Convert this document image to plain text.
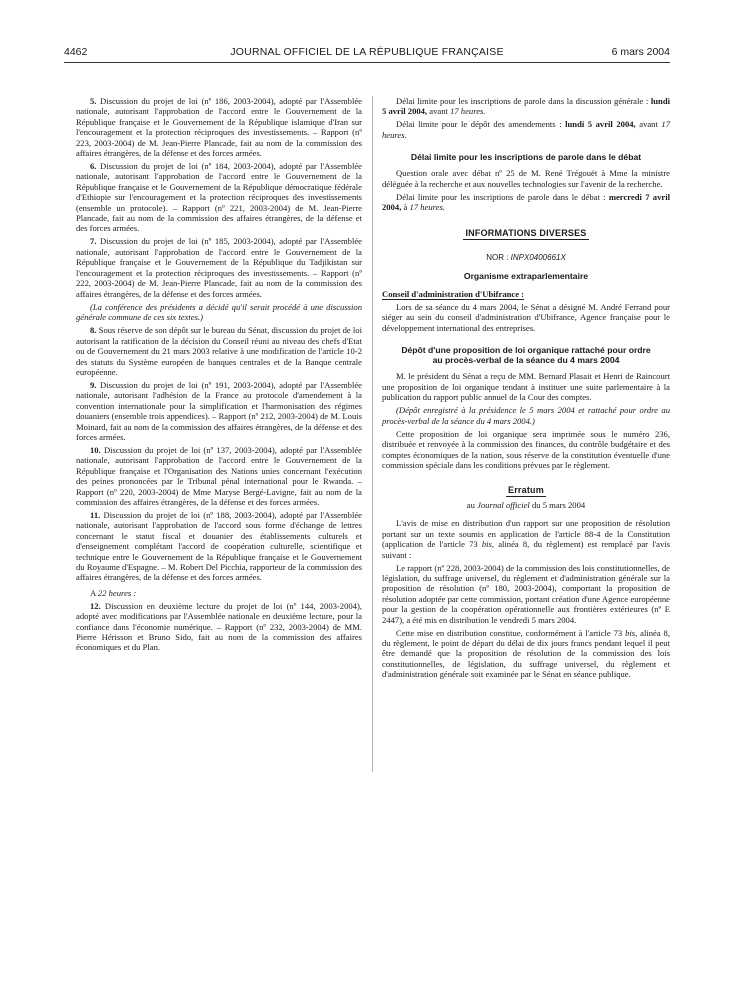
4462	JOURNAL OFFICIEL DE LA RÉPUBLIQUE FRANÇAISE	6 mars 2004

5. Discussion du projet de loi (nº 186, 2003-2004), adopté par l'Assemblée nationale, autorisant l'approbation de l'accord entre le Gouvernement de la République française et le Gouvernement de la République islamique d'Iran sur l'encouragement et la protection réciproques des investissements. – Rapport (nº 223, 2003-2004) de M. Jean-Pierre Plancade, fait au nom de la commission des affaires étrangères, de la défense et des forces armées.

6. Discussion du projet de loi (nº 184, 2003-2004), adopté par l'Assemblée nationale, autorisant l'approbation de l'accord entre le Gouvernement de la République française et le Gouvernement de la République démocratique fédérale d'Ethiopie sur l'encouragement et la protection réciproques des investissements (ensemble un protocole). – Rapport (nº 221, 2003-2004) de M. Jean-Pierre Plancade, fait au nom de la commission des affaires étrangères, de la défense et des forces armées.

7. Discussion du projet de loi (nº 185, 2003-2004), adopté par l'Assemblée nationale, autorisant l'approbation de l'accord entre le Gouvernement de la République française et le Gouvernement de la République du Tadjikistan sur l'encouragement et la protection réciproques des investissements. – Rapport (nº 222, 2003-2004) de M. Jean-Pierre Plancade, fait au nom de la commission des affaires étrangères, de la défense et des forces armées.

(La conférence des présidents a décidé qu'il serait procédé à une discussion générale commune de ces six textes.)

8. Sous réserve de son dépôt sur le bureau du Sénat, discussion du projet de loi autorisant la ratification de la décision du Conseil réuni au niveau des chefs d'Etat ou de Gouvernement du 21 mars 2003 relative à une modification de l'article 10-2 des statuts du Système européen de banques centrales et de la Banque centrale européenne.

9. Discussion du projet de loi (nº 191, 2003-2004), adopté par l'Assemblée nationale, autorisant l'adhésion de la France au protocole d'amendement à la convention internationale pour la simplification et l'harmonisation des régimes douaniers (ensemble trois appendices). – Rapport (nº 212, 2003-2004) de M. Louis Moinard, fait au nom de la commission des affaires étrangères, de la défense et des forces armées.

10. Discussion du projet de loi (nº 137, 2003-2004), adopté par l'Assemblée nationale, autorisant l'approbation de l'accord entre le Gouvernement de la République française et l'Organisation des Nations unies concernant l'exécution des peines prononcées par le Tribunal pénal international pour le Rwanda. – Rapport (nº 220, 2003-2004) de Mme Maryse Bergé-Lavigne, fait au nom de la commission des affaires étrangères, de la défense et des forces armées.

11. Discussion du projet de loi (nº 188, 2003-2004), adopté par l'Assemblée nationale, autorisant l'approbation de l'accord sous forme d'échange de lettres concernant le statut fiscal et douanier des établissements culturels et d'enseignement complétant l'accord de coopération culturelle, scientifique et technique entre le Gouvernement de la République française et le Gouvernement du Royaume d'Espagne. – M. Robert Del Picchia, rapporteur de la commission des affaires étrangères, de la défense et des forces armées.

A 22 heures :

12. Discussion en deuxième lecture du projet de loi (nº 144, 2003-2004), adopté avec modifications par l'Assemblée nationale en deuxième lecture, pour la confiance dans l'économie numérique. – Rapport (nº 232, 2003-2004) de MM. Pierre Hérisson et Bruno Sido, fait au nom de la commission des affaires économiques et du Plan.

Délai limite pour les inscriptions de parole dans la discussion générale : lundi 5 avril 2004, avant 17 heures.

Délai limite pour le dépôt des amendements : lundi 5 avril 2004, avant 17 heures.

Délai limite pour les inscriptions de parole dans le débat

Question orale avec débat nº 25 de M. René Trégouët à Mme la ministre déléguée à la recherche et aux nouvelles technologies sur l'avenir de la recherche.

Délai limite pour les inscriptions de parole dans le débat : mercredi 7 avril 2004, à 17 heures.

INFORMATIONS DIVERSES
NOR : INPX0400661X
Organisme extraparlementaire
Conseil d'administration d'Ubifrance :

Lors de sa séance du 4 mars 2004, le Sénat a désigné M. André Ferrand pour siéger au sein du conseil d'administration d'Ubifrance, Agence française pour le développement international des entreprises.

Dépôt d'une proposition de loi organique rattaché pour ordre au procès-verbal de la séance du 4 mars 2004

M. le président du Sénat a reçu de MM. Bernard Plasait et Henri de Raincourt une proposition de loi organique tendant à instituer une suite parlementaire à la publication du rapport public annuel de la Cour des comptes.

(Dépôt enregistré à la présidence le 5 mars 2004 et rattaché pour ordre au procès-verbal de la séance du 4 mars 2004.)

Cette proposition de loi organique sera imprimée sous le numéro 236, distribuée et renvoyée à la commission des finances, du contrôle budgétaire et des comptes économiques de la nation, sous réserve de la constitution éventuelle d'une commission spéciale dans les conditions prévues par le règlement.

Erratum
au Journal officiel du 5 mars 2004

L'avis de mise en distribution d'un rapport sur une proposition de résolution portant sur un texte soumis en application de l'article 88-4 de la Constitution (application de l'article 73 bis, alinéa 8, du règlement) est remplacé par l'avis suivant :

Le rapport (nº 228, 2003-2004) de la commission des lois constitutionnelles, de législation, du suffrage universel, du règlement et d'administration générale sur la proposition de résolution (nº 180, 2003-2004), comportant la proposition de résolution adoptée par cette commission, portant création d'une Agence européenne pour la gestion de la coopération opérationnelle aux frontières extérieures (nº E 2447), a été mis en distribution le vendredi 5 mars 2004.

Cette mise en distribution constitue, conformément à l'article 73 bis, alinéa 8, du règlement, le point de départ du délai de dix jours francs pendant lequel il peut être demandé que la proposition de résolution de la commission des lois constitutionnelles, de législation, du suffrage universel, du règlement et d'administration générale soit examinée par le Sénat en séance publique.
